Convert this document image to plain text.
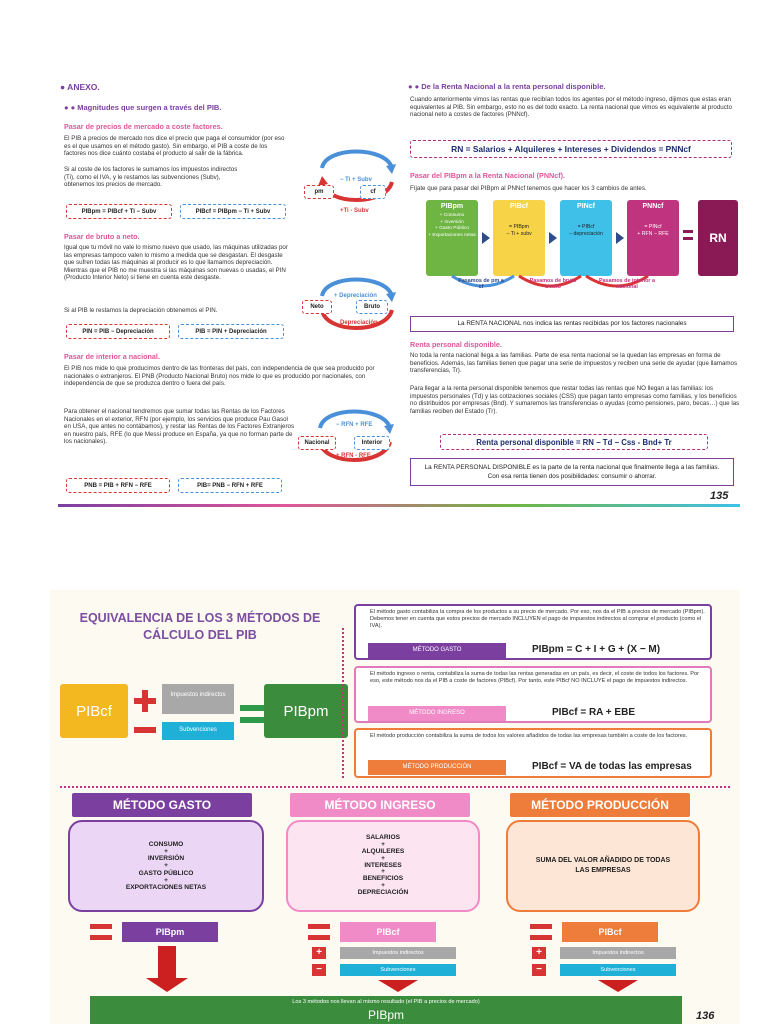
● ANEXO.
● ● Magnitudes que surgen a través del PIB.
Pasar de precios de mercado a coste factores.
El PIB a precios de mercado nos dice el precio que paga el consumidor (por eso es el que usamos en el método gasto). Sin embargo, el PIB a coste de los factores nos dice cuánto costaba el producto al salir de la fábrica.
Si al coste de los factores le sumamos los impuestos indirectos (Ti), como el IVA, y le restamos las subvenciones (Subv), obtenemos los precios de mercado.
PIBpm = PIBcf + Ti − Subv	PIBcf = PIBpm − Ti + Subv
− Ti + Subv
+Ti - Subv
pm	cf
Pasar de bruto a neto.
Igual que tu móvil no vale lo mismo nuevo que usado, las máquinas utilizadas por las empresas tampoco valen lo mismo a medida que se desgastan. El desgaste que sufren todas las máquinas al producir es lo que llamamos depreciación. Mientras que el PIB no me muestra si las máquinas son nuevas o usadas, el PIN (Producto Interior Neto) si tiene en cuenta este desgaste.
Si al PIB le restamos la depreciación obtenemos el PIN.
PIN = PIB − Depreciación	PIB = PIN + Depreciación
+ Depreciación
Depreciación
Neto	Bruto
Pasar de interior a nacional.
El PIB nos mide lo que producimos dentro de las fronteras del país, con independencia de que sea producido por nacionales o extranjeros. El PNB (Producto Nacional Bruto) nos mide lo que es producido por nacionales, con independencia de que se produzca dentro o fuera del país.
Para obtener el nacional tendremos que sumar todas las Rentas de los Factores Nacionales en el exterior, RFN (por ejemplo, los servicios que produce Pau Gasol en USA, que antes no contábamos), y restar las Rentas de los Factores Extranjeros en nuestro país, RFE (lo que Messi produce en España, ya que no forman parte de los nacionales).
PNB = PIB + RFN − RFE	PIB= PNB − RFN + RFE
− RFN + RFE
+ RFN - RFE
Nacional	Interior
● ● De la Renta Nacional a la renta personal disponible.
Cuando anteriormente vimos las rentas que recibían todos los agentes por el método ingreso, dijimos que estas eran equivalentes al PIB. Sin embargo, esto no es del todo exacto. La renta nacional que vimos es equivalente al producto nacional neto a costes de factores (PNNcf).
RN = Salarios + Alquileres + Intereses + Dividendos = PNNcf
Pasar del PIBpm a la Renta Nacional (PNNcf).
Fíjate que para pasar del PIBpm al PNNcf tenemos que hacer los 3 cambios de antes.
PIBpm
+ Consumo
+ Inversión
+ Gasto Público
+ Exportaciones netas
PIBcf
= PIBpm
− Ti + subv
PINcf
= PIBcf
− depreciación
PNNcf
= PINcf
+ RFN − RFE	RN
Pasamos de pm a cf
Pasamos de bruto a neto
Pasamos de interior a nacional
La RENTA NACIONAL nos indica las rentas recibidas por los factores nacionales
Renta personal disponible.
No toda la renta nacional llega a las familias. Parte de esa renta nacional se la quedan las empresas en forma de beneficios. Además, las familias tienen que pagar una serie de impuestos y reciben una serie de ayudar (que llamamos transferencias, Tr).
Para llegar a la renta personal disponible tenemos que restar todas las rentas que NO llegan a las familias: los impuestos personales (Td) y las cotizaciones sociales (CSS) que pagan tanto empresas como familias, y los beneficios no distribuidos por empresas (Bnd). Y sumaremos las transferencias o ayudas (como pensiones, paro, becas…) que las familias reciben del Estado (Tr).
Renta personal disponible = RN − Td − Css - Bnd+ Tr
La RENTA PERSONAL DISPONIBLE es la parte de la renta nacional que finalmente llega a las familias. Con esa renta tienen dos posibilidades: consumir o ahorrar.
135
EQUIVALENCIA DE LOS 3 MÉTODOS DE CÁLCULO DEL PIB
PIBcf
Impuestos indirectos
Subvenciones
PIBpm
El método gasto contabiliza la compra de los productos a su precio de mercado. Por eso, nos da el PIB a precios de mercado (PIBpm). Debemos tener en cuenta que estos precios de mercado INCLUYEN el pago de impuestos indirectos al comprar el producto (como el IVA).
MÉTODO GASTO	PIBpm = C + I + G + (X − M)
El método ingreso o renta, contabiliza la suma de todas las rentas generadas en un país, es decir, el coste de todos los factores. Por eso, este método nos da el PIB a coste de factores (PIBcf). Por tanto, este PIBcf NO INCLUYE el pago de impuestos indirectos.
MÉTODO INGRESO	PIBcf = RA + EBE
El método producción contabiliza la suma de todos los valores añadidos de todas las empresas también a coste de los factores.
MÉTODO PRODUCCIÓN	PIBcf = VA de todas las empresas
MÉTODO GASTO
CONSUMO
+
INVERSIÓN
+
GASTO PÚBLICO
+
EXPORTACIONES NETAS
MÉTODO INGRESO
SALARIOS
+
ALQUILERES
+
INTERESES
+
BENEFICIOS
+
DEPRECIACIÓN
MÉTODO PRODUCCIÓN
SUMA DEL VALOR AÑADIDO DE TODAS LAS EMPRESAS
PIBpm	PIBcf	PIBcf
+	Impuestos indirectos
−	Subvenciones
+	Impuestos indirectos
−	Subvenciones
Los 3 métodos nos llevan al mismo resultado (el PIB a precios de mercado)
PIBpm	136
